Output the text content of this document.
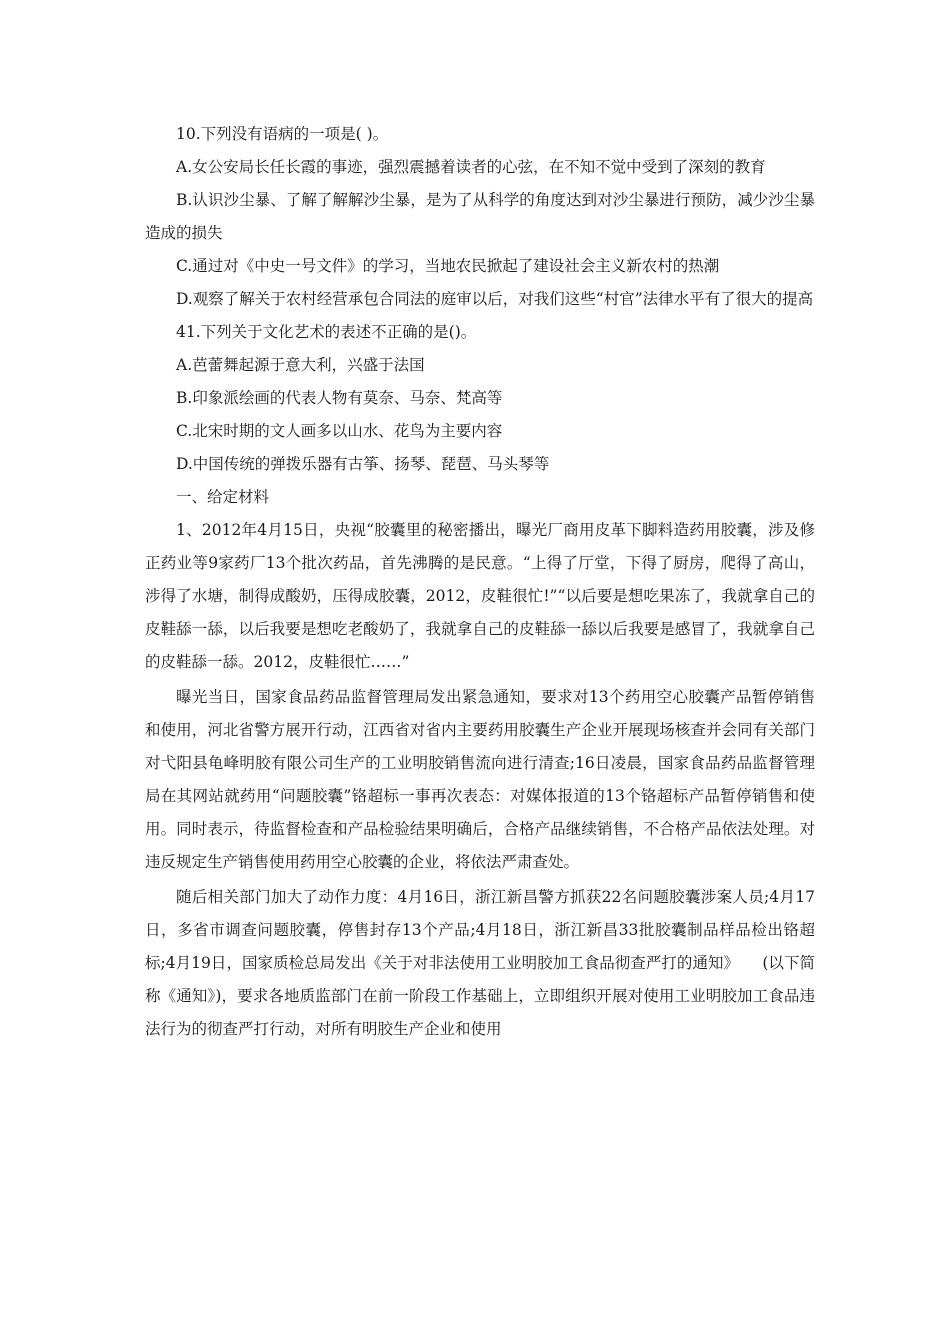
10.下列没有语病的一项是( )。

A.女公安局长任长霞的事迹，强烈震撼着读者的心弦，在不知不觉中受到了深刻的教育

B.认识沙尘暴、了解了解解沙尘暴，是为了从科学的角度达到对沙尘暴进行预防，减少沙尘暴造成的损失

C.通过对《中史一号文件》的学习，当地农民掀起了建设社会主义新农村的热潮

D.观察了解关于农村经营承包合同法的庭审以后，对我们这些“村官”法律水平有了很大的提高

41.下列关于文化艺术的表述不正确的是()。

A.芭蕾舞起源于意大利，兴盛于法国

B.印象派绘画的代表人物有莫奈、马奈、梵高等

C.北宋时期的文人画多以山水、花鸟为主要内容

D.中国传统的弹拨乐器有古筝、扬琴、琵琶、马头琴等

一、给定材料

1、2012年4月15日，央视“胶囊里的秘密播出，曝光厂商用皮革下脚料造药用胶囊，涉及修正药业等9家药厂13个批次药品，首先沸腾的是民意。“上得了厅堂，下得了厨房，爬得了高山，涉得了水塘，制得成酸奶，压得成胶囊，2012，皮鞋很忙!”“以后要是想吃果冻了，我就拿自己的皮鞋舔一舔，以后我要是想吃老酸奶了，我就拿自己的皮鞋舔一舔以后我要是感冒了，我就拿自己的皮鞋舔一舔。2012，皮鞋很忙……”

曝光当日，国家食品药品监督管理局发出紧急通知，要求对13个药用空心胶囊产品暂停销售和使用，河北省警方展开行动，江西省对省内主要药用胶囊生产企业开展现场核查并会同有关部门对弋阳县龟峰明胶有限公司生产的工业明胶销售流向进行清查;16日凌晨，国家食品药品监督管理局在其网站就药用“问题胶囊”铬超标一事再次表态：对媒体报道的13个铬超标产品暂停销售和使用。同时表示，待监督检查和产品检验结果明确后，合格产品继续销售，不合格产品依法处理。对违反规定生产销售使用药用空心胶囊的企业，将依法严肃查处。

随后相关部门加大了动作力度：4月16日，浙江新昌警方抓获22名问题胶囊涉案人员;4月17日，多省市调查问题胶囊，停售封存13个产品;4月18日，浙江新昌33批胶囊制品样品检出铬超标;4月19日，国家质检总局发出《关于对非法使用工业明胶加工食品彻查严打的通知》　　(以下简称《通知》)，要求各地质监部门在前一阶段工作基础上，立即组织开展对使用工业明胶加工食品违法行为的彻查严打行动，对所有明胶生产企业和使用
